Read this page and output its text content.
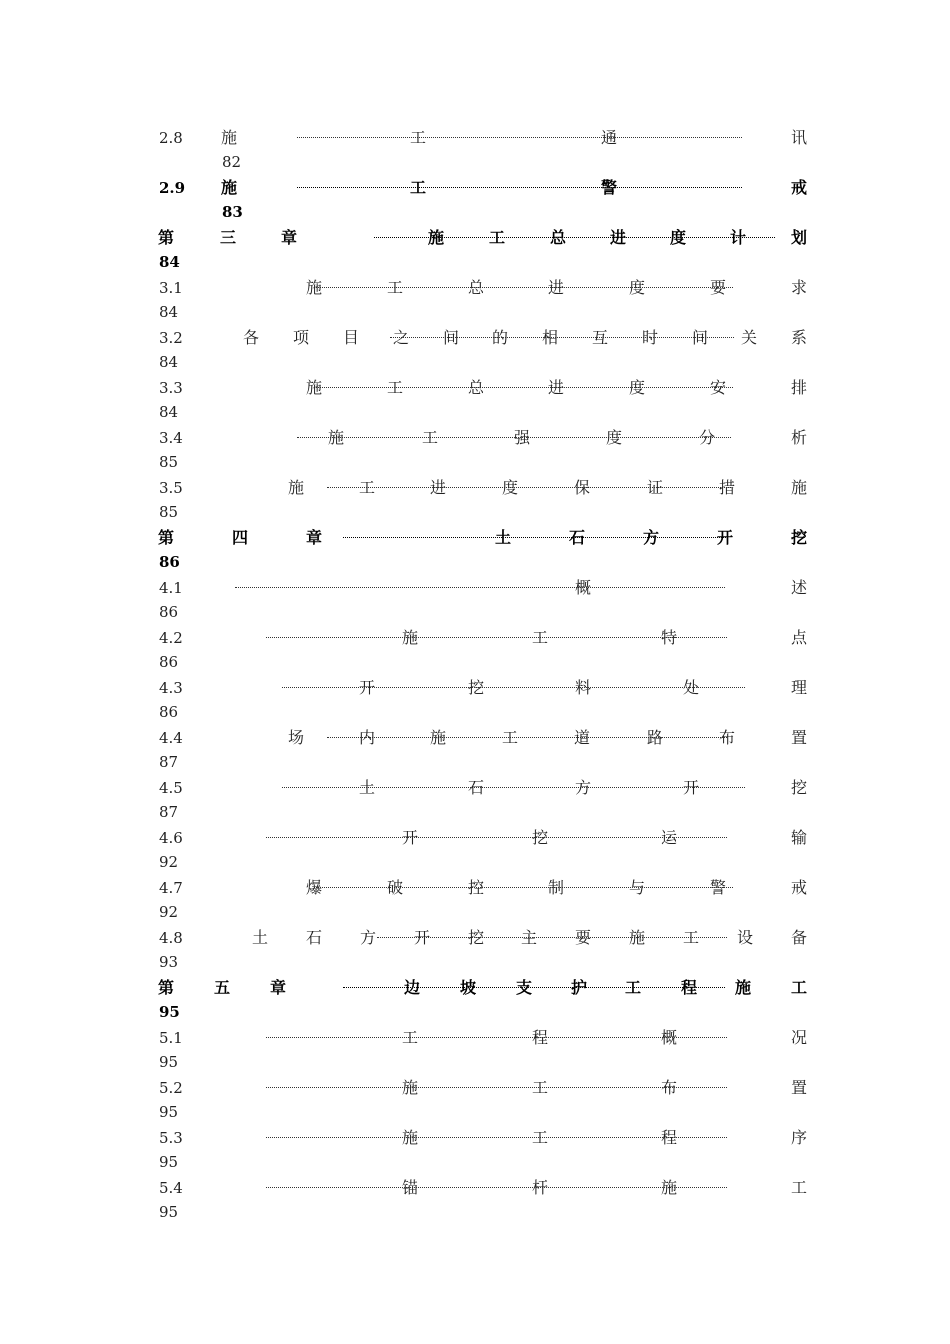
2.8 施	工	通	讯
82
2.9 施	工	警	戒
83
第	三	章	施	工	总	进	度	计	划
84
3.1	施	工	总	进	度	要	求
84
3.2	各 项 目 之 间 的 相 互 时 间 关 系
84
3.3	施	工	总	进	度	安	排
84
3.4	施	工	强	度	分	析
85
3.5	施	工	进	度	保	证	措	施
85
第	四	章	土	石	方	开	挖
86
4.1	概	述
86
4.2	施	工	特	点
86
4.3	开	挖	料	处	理
86
4.4	场	内	施	工	道	路	布	置
87
4.5	土	石	方	开	挖
87
4.6	开	挖	运	输
92
4.7	爆	破	控	制	与	警	戒
92
4.8	土 石 方 开 挖 主 要 施 工 设 备
93
第 五 章	边 坡 支 护 工 程 施 工
95
5.1	工	程	概	况
95
5.2	施	工	布	置
95
5.3	施	工	程	序
95
5.4	锚	杆	施	工
95
